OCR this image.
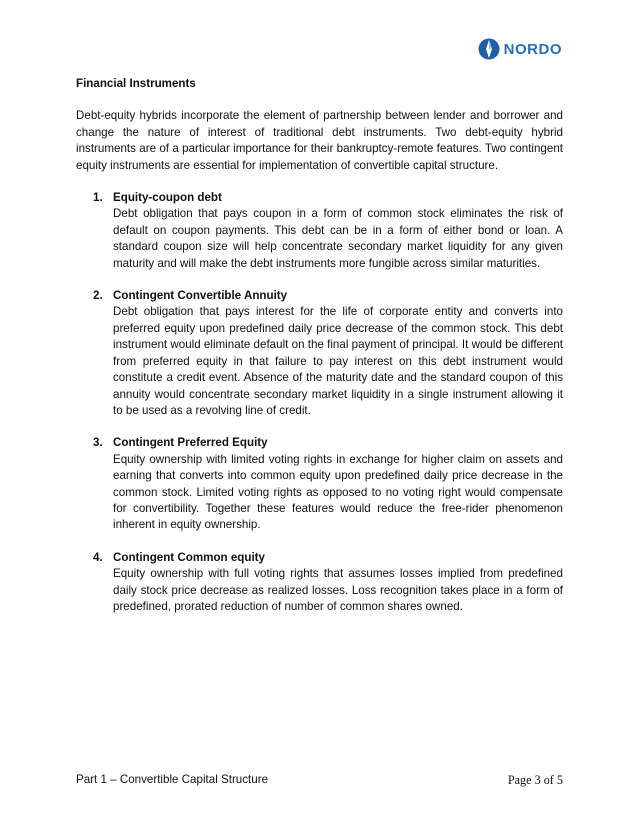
NORDO

Financial Instruments

Debt-equity hybrids incorporate the element of partnership between lender and borrower and change the nature of interest of traditional debt instruments. Two debt-equity hybrid instruments are of a particular importance for their bankruptcy-remote features. Two contingent equity instruments are essential for implementation of convertible capital structure.

1. Equity-coupon debt
Debt obligation that pays coupon in a form of common stock eliminates the risk of default on coupon payments. This debt can be in a form of either bond or loan. A standard coupon size will help concentrate secondary market liquidity for any given maturity and will make the debt instruments more fungible across similar maturities.
2. Contingent Convertible Annuity
Debt obligation that pays interest for the life of corporate entity and converts into preferred equity upon predefined daily price decrease of the common stock. This debt instrument would eliminate default on the final payment of principal. It would be different from preferred equity in that failure to pay interest on this debt instrument would constitute a credit event. Absence of the maturity date and the standard coupon of this annuity would concentrate secondary market liquidity in a single instrument allowing it to be used as a revolving line of credit.
3. Contingent Preferred Equity
Equity ownership with limited voting rights in exchange for higher claim on assets and earning that converts into common equity upon predefined daily price decrease in the common stock. Limited voting rights as opposed to no voting right would compensate for convertibility. Together these features would reduce the free-rider phenomenon inherent in equity ownership.
4. Contingent Common equity
Equity ownership with full voting rights that assumes losses implied from predefined daily stock price decrease as realized losses. Loss recognition takes place in a form of predefined, prorated reduction of number of common shares owned.
Part 1 – Convertible Capital Structure	Page 3 of 5
